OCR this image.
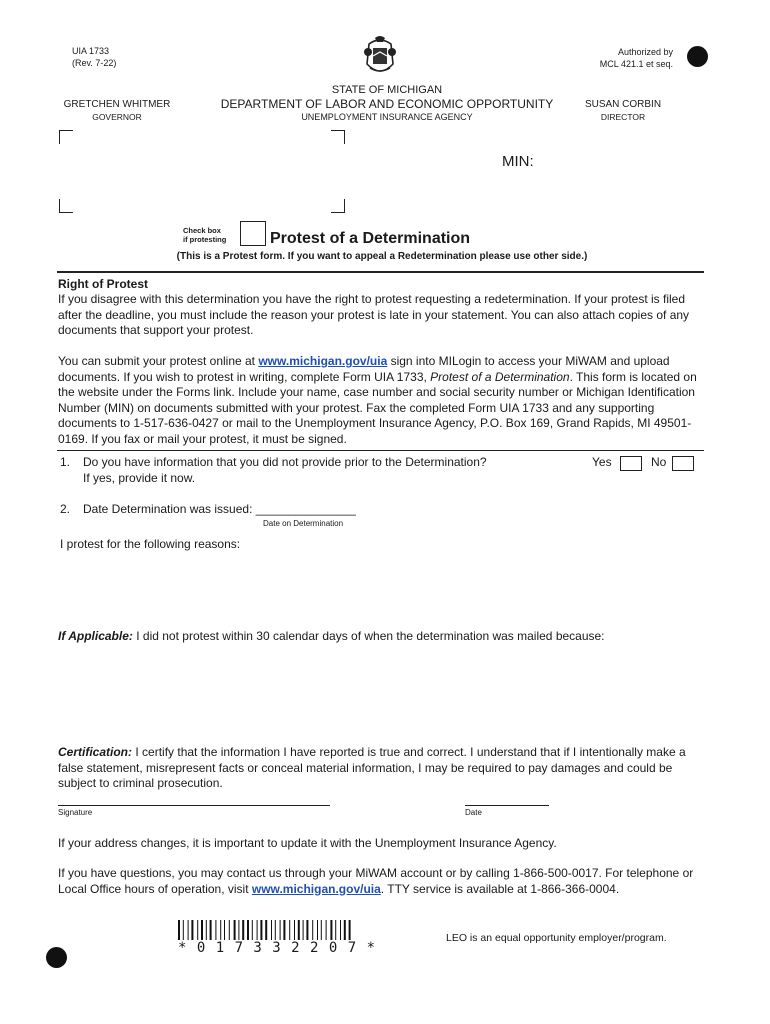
UIA 1733
(Rev. 7-22)
Authorized by
MCL 421.1 et seq.
STATE OF MICHIGAN
DEPARTMENT OF LABOR AND ECONOMIC OPPORTUNITY
UNEMPLOYMENT INSURANCE AGENCY
GRETCHEN WHITMER
GOVERNOR
SUSAN CORBIN
DIRECTOR
MIN:
Check box
if protesting	Protest of a Determination
(This is a Protest form. If you want to appeal a Redetermination please use other side.)
Right of Protest
If you disagree with this determination you have the right to protest requesting a redetermination. If your protest is filed after the deadline, you must include the reason your protest is late in your statement. You can also attach copies of any documents that support your protest.
You can submit your protest online at www.michigan.gov/uia sign into MILogin to access your MiWAM and upload documents. If you wish to protest in writing, complete Form UIA 1733, Protest of a Determination. This form is located on the website under the Forms link. Include your name, case number and social security number or Michigan Identification Number (MIN) on documents submitted with your protest. Fax the completed Form UIA 1733 and any supporting documents to 1-517-636-0427 or mail to the Unemployment Insurance Agency, P.O. Box 169, Grand Rapids, MI 49501-0169. If you fax or mail your protest, it must be signed.
1. Do you have information that you did not provide prior to the Determination?
If yes, provide it now.
Yes	No
2. Date Determination was issued: _______________
Date on Determination
I protest for the following reasons:
If Applicable: I did not protest within 30 calendar days of when the determination was mailed because:
Certification: I certify that the information I have reported is true and correct. I understand that if I intentionally make a false statement, misrepresent facts or conceal material information, I may be required to pay damages and could be subject to criminal prosecution.
Signature	Date
If your address changes, it is important to update it with the Unemployment Insurance Agency.
If you have questions, you may contact us through your MiWAM account or by calling 1-866-500-0017. For telephone or Local Office hours of operation, visit www.michigan.gov/uia. TTY service is available at 1-866-366-0004.
* 0 1 7 3 3 2 2 0 7 *
LEO is an equal opportunity employer/program.
